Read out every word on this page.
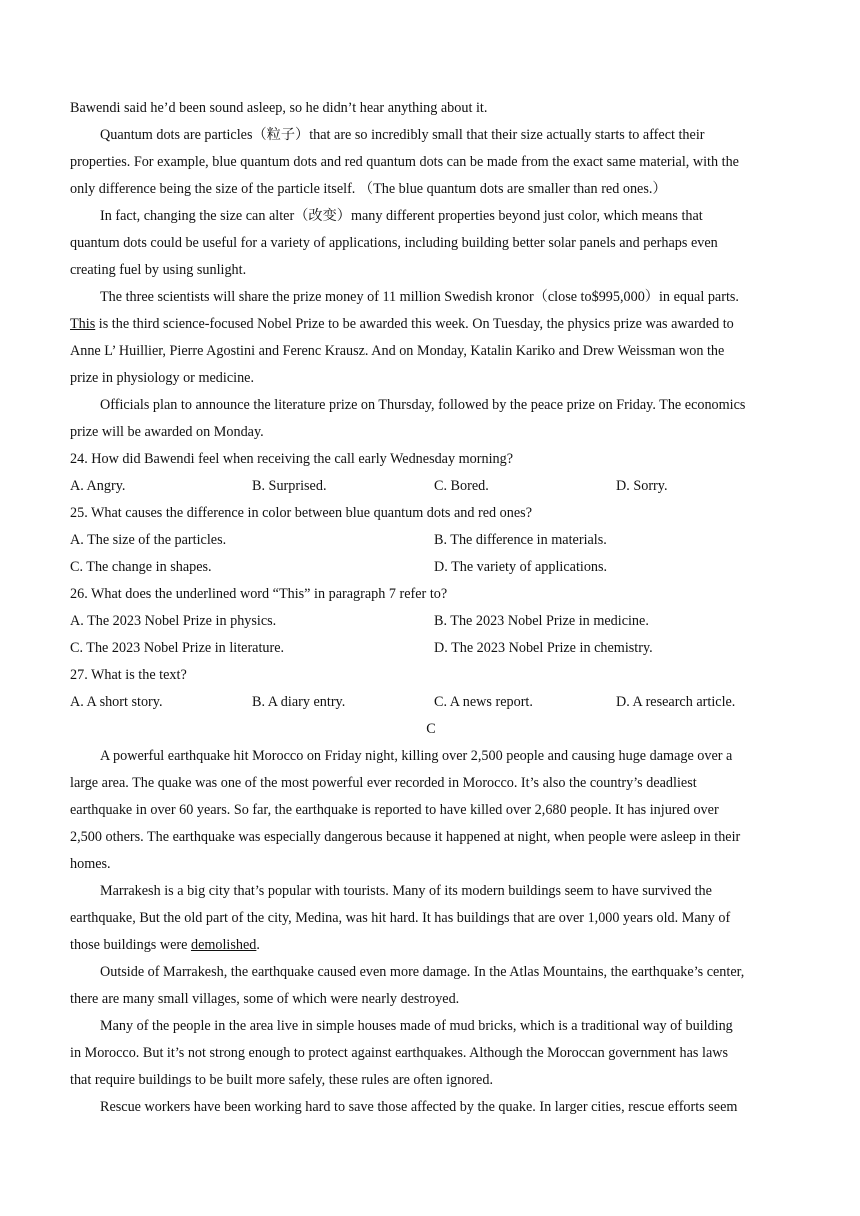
Bawendi said he’d been sound asleep, so he didn’t hear anything about it.
Quantum dots are particles（粒子）that are so incredibly small that their size actually starts to affect their
properties. For example, blue quantum dots and red quantum dots can be made from the exact same material, with the
only difference being the size of the particle itself. （The blue quantum dots are smaller than red ones.）
In fact, changing the size can alter（改变）many different properties beyond just color, which means that
quantum dots could be useful for a variety of applications, including building better solar panels and perhaps even
creating fuel by using sunlight.
The three scientists will share the prize money of 11 million Swedish kronor（close to$995,000）in equal parts.
This is the third science-focused Nobel Prize to be awarded this week. On Tuesday, the physics prize was awarded to
Anne L’ Huillier, Pierre Agostini and Ferenc Krausz. And on Monday, Katalin Kariko and Drew Weissman won the
prize in physiology or medicine.
Officials plan to announce the literature prize on Thursday, followed by the peace prize on Friday. The economics
prize will be awarded on Monday.
24. How did Bawendi feel when receiving the call early Wednesday morning?
A. Angry.	B. Surprised.	C. Bored.	D. Sorry.
25. What causes the difference in color between blue quantum dots and red ones?
A. The size of the particles.	B. The difference in materials.
C. The change in shapes.	D. The variety of applications.
26. What does the underlined word “This” in paragraph 7 refer to?
A. The 2023 Nobel Prize in physics.	B. The 2023 Nobel Prize in medicine.
C. The 2023 Nobel Prize in literature.	D. The 2023 Nobel Prize in chemistry.
27. What is the text?
A. A short story.	B. A diary entry.	C. A news report.	D. A research article.
C
A powerful earthquake hit Morocco on Friday night, killing over 2,500 people and causing huge damage over a
large area. The quake was one of the most powerful ever recorded in Morocco. It’s also the country’s deadliest
earthquake in over 60 years. So far, the earthquake is reported to have killed over 2,680 people. It has injured over
2,500 others. The earthquake was especially dangerous because it happened at night, when people were asleep in their
homes.
Marrakesh is a big city that’s popular with tourists. Many of its modern buildings seem to have survived the
earthquake, But the old part of the city, Medina, was hit hard. It has buildings that are over 1,000 years old. Many of
those buildings were demolished.
Outside of Marrakesh, the earthquake caused even more damage. In the Atlas Mountains, the earthquake’s center,
there are many small villages, some of which were nearly destroyed.
Many of the people in the area live in simple houses made of mud bricks, which is a traditional way of building
in Morocco. But it’s not strong enough to protect against earthquakes. Although the Moroccan government has laws
that require buildings to be built more safely, these rules are often ignored.
Rescue workers have been working hard to save those affected by the quake. In larger cities, rescue efforts seem
